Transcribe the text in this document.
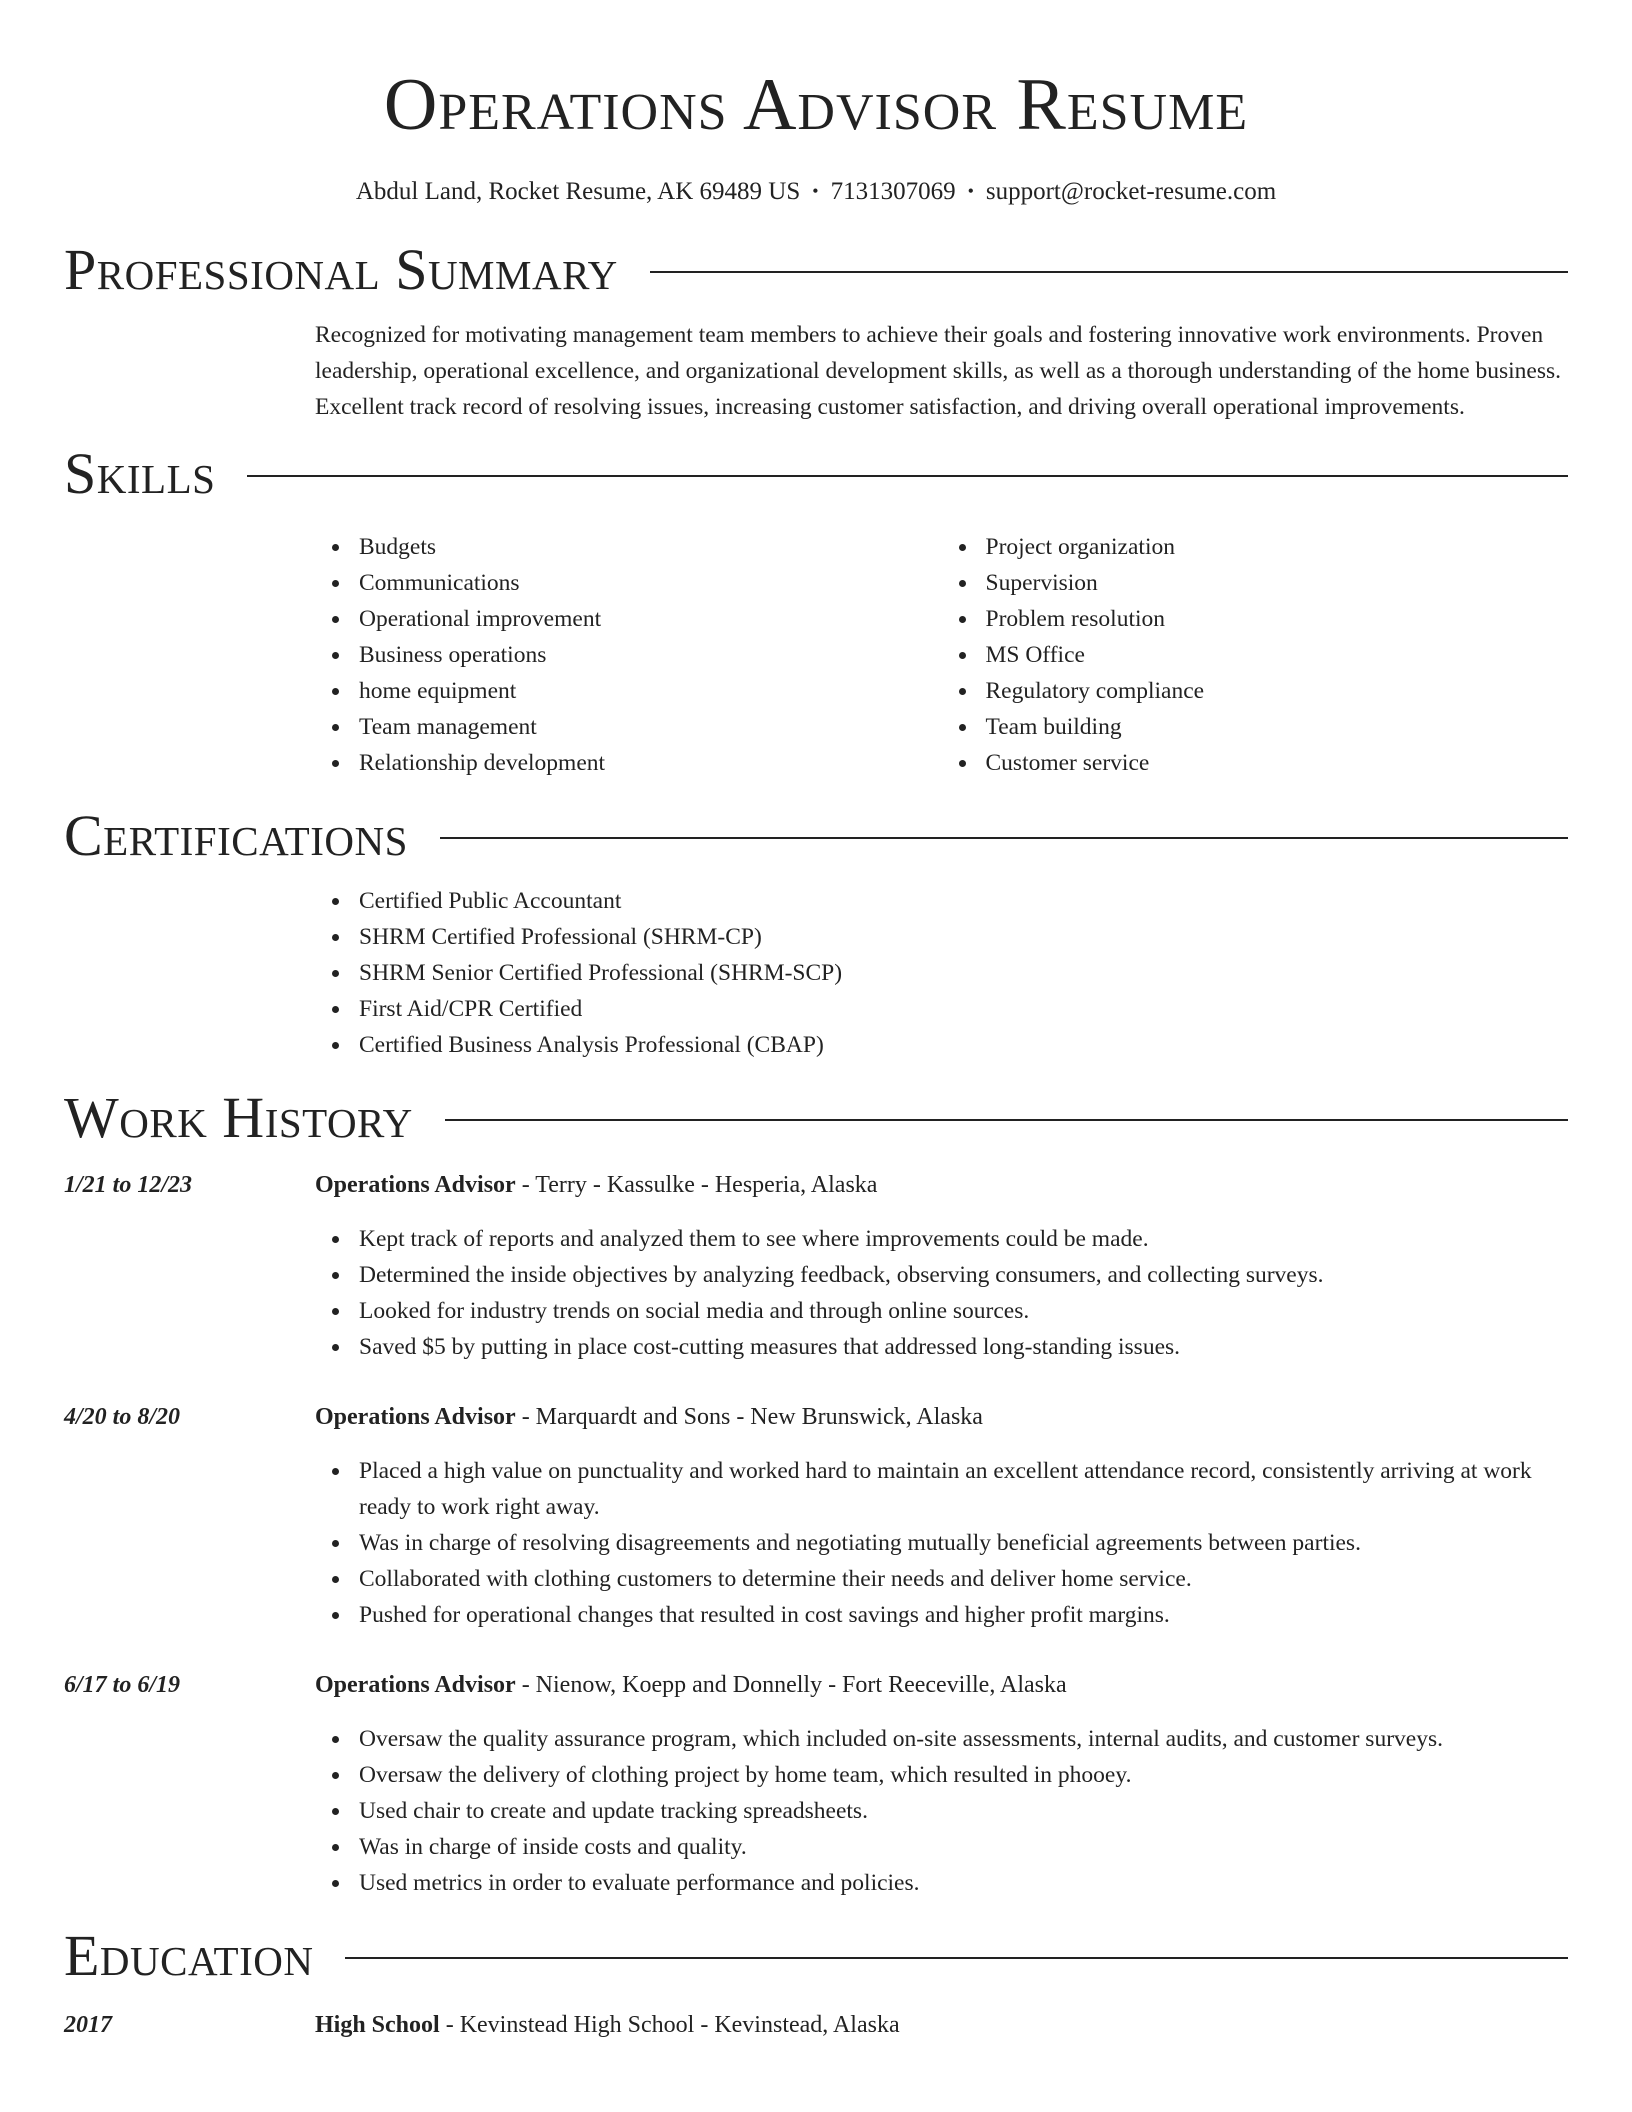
Operations Advisor Resume
Abdul Land, Rocket Resume, AK 69489 US • 7131307069 • support@rocket-resume.com
Professional Summary

Recognized for motivating management team members to achieve their goals and fostering innovative work environments. Proven leadership, operational excellence, and organizational development skills, as well as a thorough understanding of the home business. Excellent track record of resolving issues, increasing customer satisfaction, and driving overall operational improvements.

Skills
Budgets
Communications
Operational improvement
Business operations
home equipment
Team management
Relationship development
Project organization
Supervision
Problem resolution
MS Office
Regulatory compliance
Team building
Customer service
Certifications
Certified Public Accountant
SHRM Certified Professional (SHRM-CP)
SHRM Senior Certified Professional (SHRM-SCP)
First Aid/CPR Certified
Certified Business Analysis Professional (CBAP)
Work History
1/21 to 12/23	Operations Advisor - Terry - Kassulke - Hesperia, Alaska
Kept track of reports and analyzed them to see where improvements could be made.
Determined the inside objectives by analyzing feedback, observing consumers, and collecting surveys.
Looked for industry trends on social media and through online sources.
Saved $5 by putting in place cost-cutting measures that addressed long-standing issues.
4/20 to 8/20	Operations Advisor - Marquardt and Sons - New Brunswick, Alaska
Placed a high value on punctuality and worked hard to maintain an excellent attendance record, consistently arriving at work ready to work right away.
Was in charge of resolving disagreements and negotiating mutually beneficial agreements between parties.
Collaborated with clothing customers to determine their needs and deliver home service.
Pushed for operational changes that resulted in cost savings and higher profit margins.
6/17 to 6/19	Operations Advisor - Nienow, Koepp and Donnelly - Fort Reeceville, Alaska
Oversaw the quality assurance program, which included on-site assessments, internal audits, and customer surveys.
Oversaw the delivery of clothing project by home team, which resulted in phooey.
Used chair to create and update tracking spreadsheets.
Was in charge of inside costs and quality.
Used metrics in order to evaluate performance and policies.
Education
2017	High School - Kevinstead High School - Kevinstead, Alaska
